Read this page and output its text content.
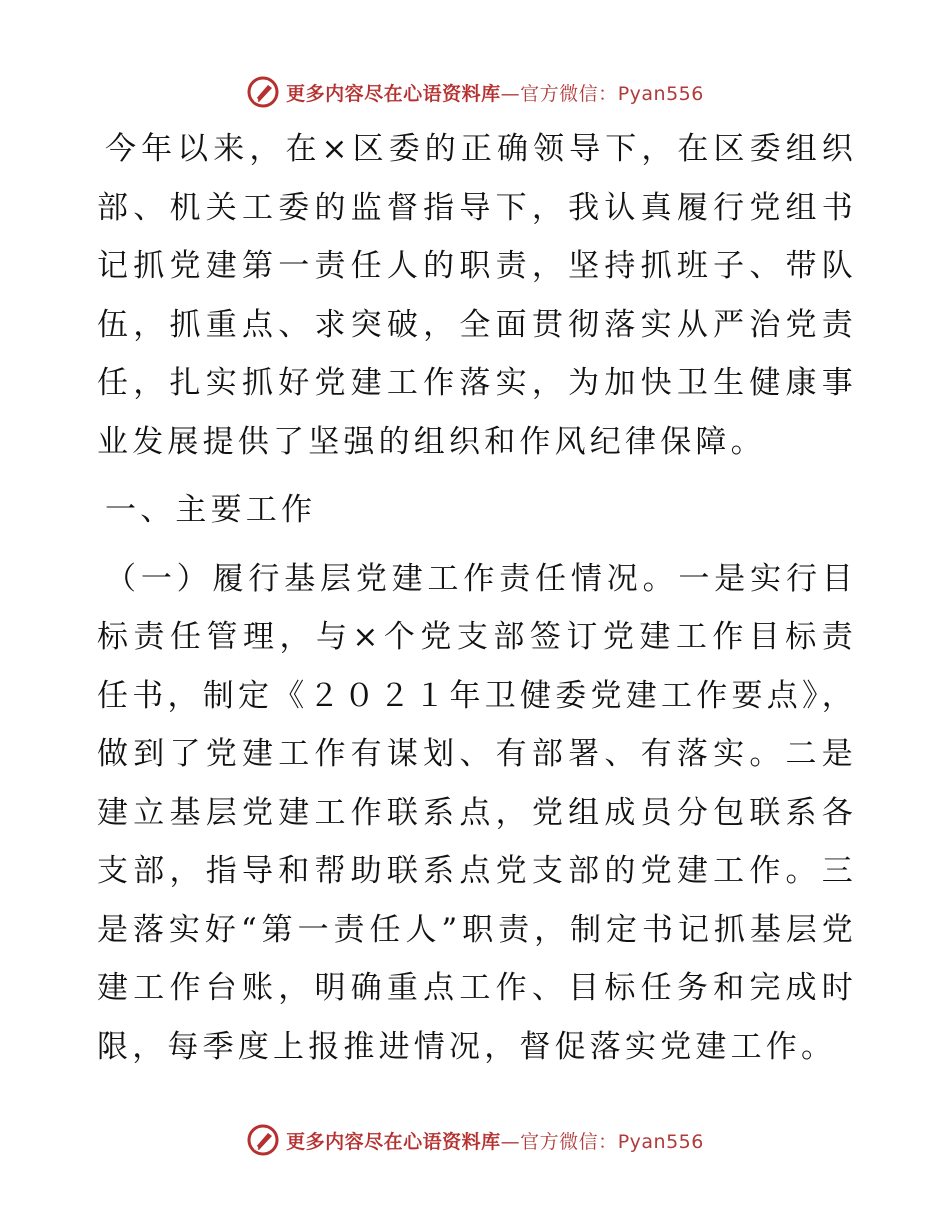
更多内容尽在心语资料库—官方微信：Pyan556

今年以来，在×区委的正确领导下，在区委组织部、机关工委的监督指导下，我认真履行党组书记抓党建第一责任人的职责，坚持抓班子、带队伍，抓重点、求突破，全面贯彻落实从严治党责任，扎实抓好党建工作落实，为加快卫生健康事业发展提供了坚强的组织和作风纪律保障。

一、主要工作

（一）履行基层党建工作责任情况。一是实行目标责任管理，与×个党支部签订党建工作目标责任书，制定《２０２１年卫健委党建工作要点》，做到了党建工作有谋划、有部署、有落实。二是建立基层党建工作联系点，党组成员分包联系各支部，指导和帮助联系点党支部的党建工作。三是落实好“第一责任人”职责，制定书记抓基层党建工作台账，明确重点工作、目标任务和完成时限，每季度上报推进情况，督促落实党建工作。

更多内容尽在心语资料库—官方微信：Pyan556
